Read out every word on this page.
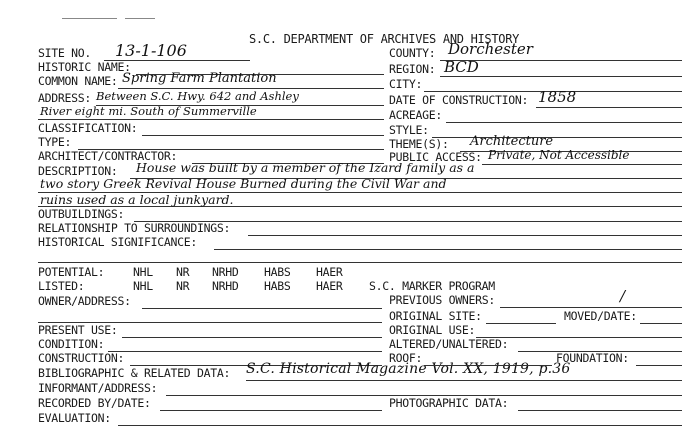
S.C. DEPARTMENT OF ARCHIVES AND HISTORY
SITE NO. 13-1-106
HISTORIC NAME:
COMMON NAME: Spring Farm Plantation
ADDRESS: Between S.C. Hwy. 642 and Ashley
River eight mi. South of Summerville
CLASSIFICATION:
TYPE:
ARCHITECT/CONTRACTOR:
COUNTY: Dorchester
REGION: BCD
CITY:
DATE OF CONSTRUCTION: 1858
ACREAGE:
STYLE:
THEME(S): Architecture
PUBLIC ACCESS: Private, Not Accessible
DESCRIPTION: House was built by a member of the Izard family as a
two story Greek Revival House Burned during the Civil War and
ruins used as a local junkyard.
OUTBUILDINGS:
RELATIONSHIP TO SURROUNDINGS:
HISTORICAL SIGNIFICANCE:
POTENTIAL:	NHL NR NRHD HABS HAER
LISTED:	NHL NR NRHD HABS HAER S.C. MARKER PROGRAM
OWNER/ADDRESS:
PRESENT USE:
CONDITION:
CONSTRUCTION:
BIBLIOGRAPHIC & RELATED DATA: S.C. Historical Magazine Vol. XX, 1919, p.36
INFORMANT/ADDRESS:
RECORDED BY/DATE:
EVALUATION:
PREVIOUS OWNERS:	/
ORIGINAL SITE:	MOVED/DATE:
ORIGINAL USE:
ALTERED/UNALTERED:
ROOF:	FOUNDATION:
PHOTOGRAPHIC DATA:
